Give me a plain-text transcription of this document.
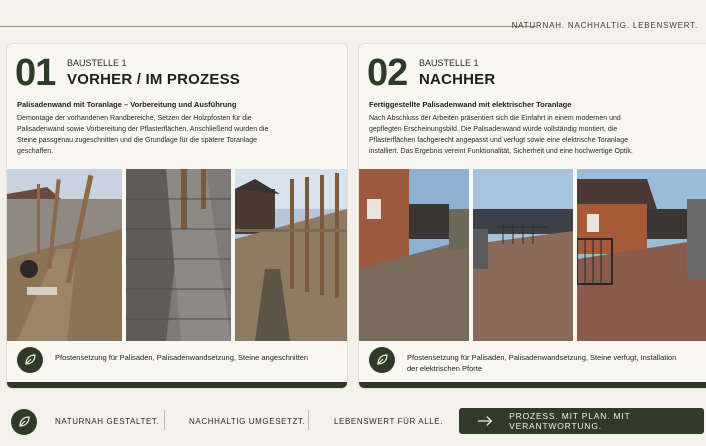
NATURNAH. NACHHALTIG. LEBENSWERT.
01 BAUSTELLE 1
VORHER / IM PROZESS
Palisadenwand mit Toranlage – Vorbereitung und Ausführung
Demontage der vorhandenen Randbereiche, Setzen der Holzpfosten für die Palisadenwand sowie Vorbereitung der Pflasterflächen. Anschließend wurden die Steine passgenau zugeschnitten und die Grundlage für die spätere Toranlage geschaffen.
Pfostensetzung für Palisaden, Palisadenwandsetzung, Steine angeschnitten
02 BAUSTELLE 1
NACHHER
Fertiggestellte Palisadenwand mit elektrischer Toranlage
Nach Abschluss der Arbeiten präsentiert sich die Einfahrt in einem modernen und gepflegten Erscheinungsbild. Die Palisadenwand wurde vollständig montiert, die Pflasterflächen fachgerecht angepasst und verfugt sowie eine elektrische Toranlage installiert. Das Ergebnis vereint Funktionalität, Sicherheit und eine hochwertige Optik.
Pfostensetzung für Palisaden, Palisadenwandsetzung, Steine verfugt, Installation der elektrischen Pforte
NATURNAH GESTALTET.	NACHHALTIG UMGESETZT.	LEBENSWERT FÜR ALLE.
PROZESS. MIT PLAN. MIT VERANTWORTUNG.
